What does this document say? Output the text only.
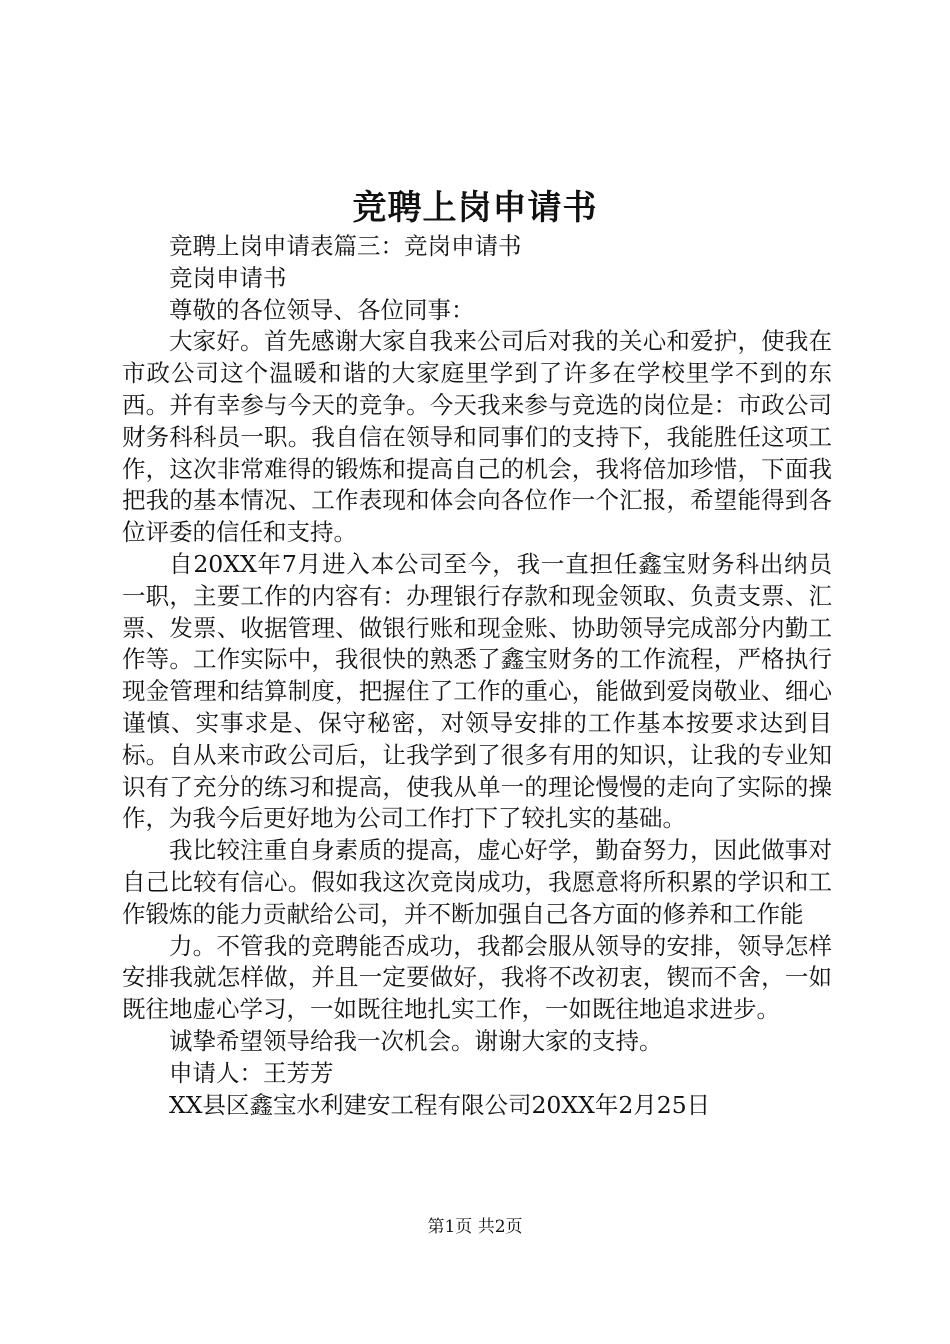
竞聘上岗申请书

竞聘上岗申请表篇三：竞岗申请书

竞岗申请书

尊敬的各位领导、各位同事：

大家好。首先感谢大家自我来公司后对我的关心和爱护，使我在市政公司这个温暖和谐的大家庭里学到了许多在学校里学不到的东西。并有幸参与今天的竞争。今天我来参与竞选的岗位是：市政公司财务科科员一职。我自信在领导和同事们的支持下，我能胜任这项工作，这次非常难得的锻炼和提高自己的机会，我将倍加珍惜，下面我把我的基本情况、工作表现和体会向各位作一个汇报，希望能得到各位评委的信任和支持。

自20XX年7月进入本公司至今，我一直担任鑫宝财务科出纳员一职，主要工作的内容有：办理银行存款和现金领取、负责支票、汇票、发票、收据管理、做银行账和现金账、协助领导完成部分内勤工作等。工作实际中，我很快的熟悉了鑫宝财务的工作流程，严格执行现金管理和结算制度，把握住了工作的重心，能做到爱岗敬业、细心谨慎、实事求是、保守秘密，对领导安排的工作基本按要求达到目标。自从来市政公司后，让我学到了很多有用的知识，让我的专业知识有了充分的练习和提高，使我从单一的理论慢慢的走向了实际的操作，为我今后更好地为公司工作打下了较扎实的基础。

我比较注重自身素质的提高，虚心好学，勤奋努力，因此做事对自己比较有信心。假如我这次竞岗成功，我愿意将所积累的学识和工作锻炼的能力贡献给公司，并不断加强自己各方面的修养和工作能

力。不管我的竞聘能否成功，我都会服从领导的安排，领导怎样安排我就怎样做，并且一定要做好，我将不改初衷，锲而不舍，一如既往地虚心学习，一如既往地扎实工作，一如既往地追求进步。

诚挚希望领导给我一次机会。谢谢大家的支持。

申请人：王芳芳

XX县区鑫宝水利建安工程有限公司20XX年2月25日

第1页 共2页
